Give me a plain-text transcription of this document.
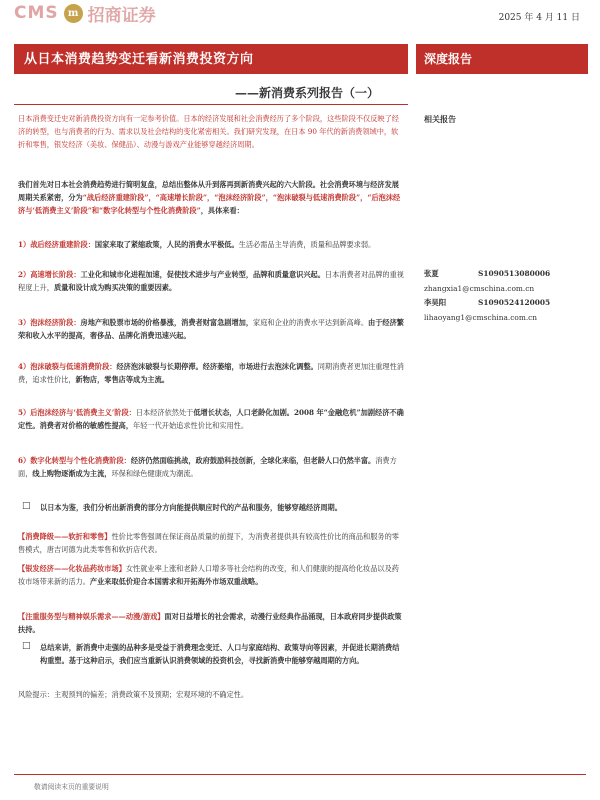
CMS m 招商证券	2025 年 4 月 11 日
从日本消费趋势变迁看新消费投资方向	深度报告
——新消费系列报告（一）
相关报告
张夏	S1090513080006
zhangxia1@cmschina.com.cn
李昊阳	S1090524120005
lihaoyang1@cmschina.com.cn
日本消费变迁史对新消费投资方向有一定参考价值。日本的经济发展和社会消费经历了多个阶段，这些阶段不仅反映了经济的转型，也与消费者的行为、需求以及社会结构的变化紧密相关。我们研究发现，在日本 90 年代的新消费领域中，软折和零售，银发经济（美妆、保健品）、动漫与游戏产业能够穿越经济周期。
我们首先对日本社会消费趋势进行简明复盘，总结出整体从升到落再到新消费兴起的六大阶段。社会消费环境与经济发展周期关系紧密，分为“战后经济重建阶段”，“高速增长阶段”，“泡沫经济阶段”，“泡沫破裂与低速消费阶段”，“后泡沫经济与‘低消费主义’阶段”和“数字化转型与个性化消费阶段”，具体来看：
1）战后经济重建阶段：国家来取了紧缩政策，人民的消费水平极低。生活必需品主导消费，质量和品牌要求弱。
2）高速增长阶段：工业化和城市化进程加速，促使技术进步与产业转型，品牌和质量意识兴起。日本消费者对品牌的重视程度上升，质量和设计成为购买决策的重要因素。
3）泡沫经济阶段：房地产和股票市场的价格暴涨，消费者财富急剧增加，家庭和企业的消费水平达到新高峰。由于经济繁荣和收入水平的提高，奢侈品、品牌化消费迅速兴起。
4）泡沫破裂与低速消费阶段：经济泡沫破裂与长期停滞。经济萎缩，市场进行去泡沫化调整。同期消费者更加注重理性消费，追求性价比，新物店，零售店等成为主流。
5）后泡沫经济与‘低消费主义’阶段：日本经济依然处于低增长状态，人口老龄化加剧。2008 年“金融危机”加剧经济不确定性。消费者对价格的敏感性提高，年轻一代开始追求性价比和实用性。
6）数字化转型与个性化消费阶段：经济仍然面临挑战，政府鼓励科技创新，全球化来临，但老龄人口仍然半富。消费方面，线上购物逐渐成为主流，环保和绿色健康成为潮流。
□ 以日本为鉴，我们分析出新消费的部分方向能提供顺应时代的产品和服务，能够穿越经济周期。
【消费降级——软折和零售】性价比零售强调在保证商品质量的前提下，为消费者提供具有较高性价比的商品和服务的零售模式，唐吉诃德为此类零售和软折店代表。
【银发经济——化妆品药妆市场】女性就业率上涨和老龄人口增多等社会结构的改变，和人们健康的提高给化妆品以及药妆市场带来新的活力。产业来取低价迎合本国需求和开拓海外市场双重战略。
【注重服务型与精神娱乐需求——动漫/游戏】面对日益增长的社会需求，动漫行业经典作品涌现，日本政府同步提供政策扶持。
□ 总结来讲，新消费中走强的品种多是受益于消费理念变迁、人口与家庭结构、政策导向等因素，并促进长期消费结构重塑。基于这种启示，我们应当重新认识消费领域的投资机会，寻找新消费中能够穿越周期的方向。
风险提示：主观预判的偏差；消费政策不及预期；宏观环境的不确定性。
敬请阅读末页的重要说明
